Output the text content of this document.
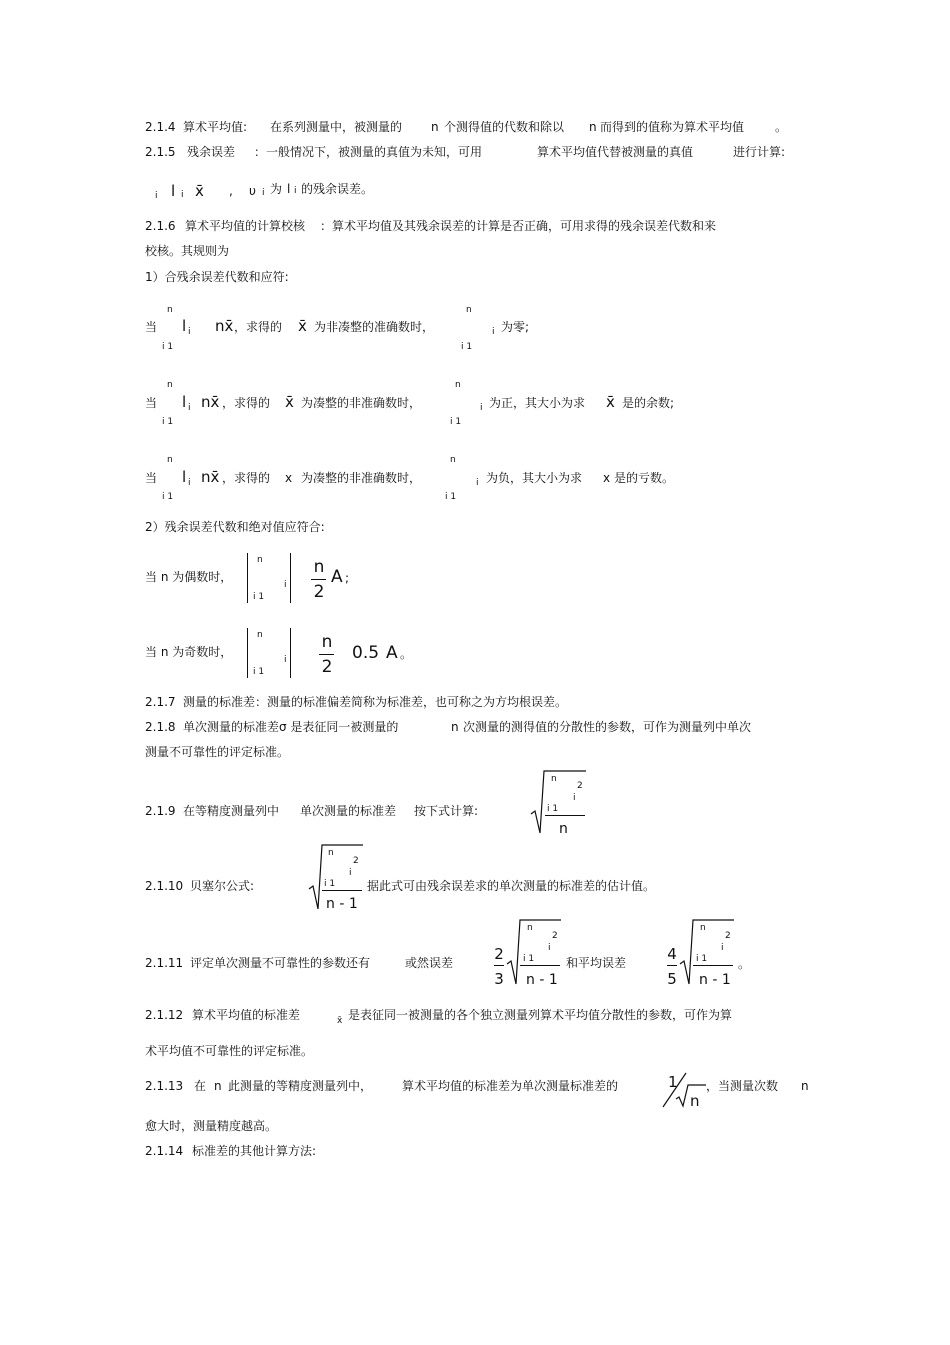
2.1.4 算术平均值: 在系列测量中，被测量的 n 个测得值的代数和除以 n 而得到的值称为算术平均值	。
2.1.5 残余误差 ：一般情况下，被测量的真值为未知，可用	算术平均值代替被测量的真值	进行计算:
i l i x̄ , υ i 为 l i 的残余误差。
2.1.6 算术平均值的计算校核 ：算术平均值及其残余误差的计算是否正确，可用求得的残余误差代数和来
校核。其规则为
1）合残余误差代数和应符:
当
n
l i
i 1
nx̄ ，求得的 x̄ 为非凑整的准确数时，
n
i
i 1
为零;
当
n
l i
i 1
nx̄ ，求得的 x̄ 为凑整的非准确数时，
n
i
i 1
为正，其大小为求 x̄ 是的余数;
当
n
l i
i 1
nx̄ ，求得的 x 为凑整的非准确数时，
n
i
i 1
为负，其大小为求 x 是的亏数。
2）残余误差代数和绝对值应符合:
当 n 为偶数时，
n
i
i 1
n
2
A ;
当 n 为奇数时，
n
i
i 1
n
2
0.5 A 。
2.1.7 测量的标准差：测量的标准偏差简称为标准差，也可称之为方均根误差。
2.1.8 单次测量的标准差σ 是表征同一被测量的	n 次测量的测得值的分散性的参数，可作为测量列中单次
测量不可靠性的评定标准。
2.1.9 在等精度测量列中 单次测量的标准差 按下式计算:
n
2
i
i 1
n
2.1.10 贝塞尔公式:
n
2
i
i 1
n - 1
据此式可由残余误差求的单次测量的标准差的估计值。
2.1.11 评定单次测量不可靠性的参数还有	或然误差	2
3
n
2
i
i 1
n - 1
和平均误差	4
5
n
2
i
i 1
n - 1
。
2.1.12 算术平均值的标准差	x̄ 是表征同一被测量的各个独立测量列算术平均值分散性的参数，可作为算
术平均值不可靠性的评定标准。
2.1.13 在 n 此测量的等精度测量列中， 算术平均值的标准差为单次测量标准差的	1
n
，当测量次数 n
愈大时，测量精度越高。
2.1.14 标准差的其他计算方法:
